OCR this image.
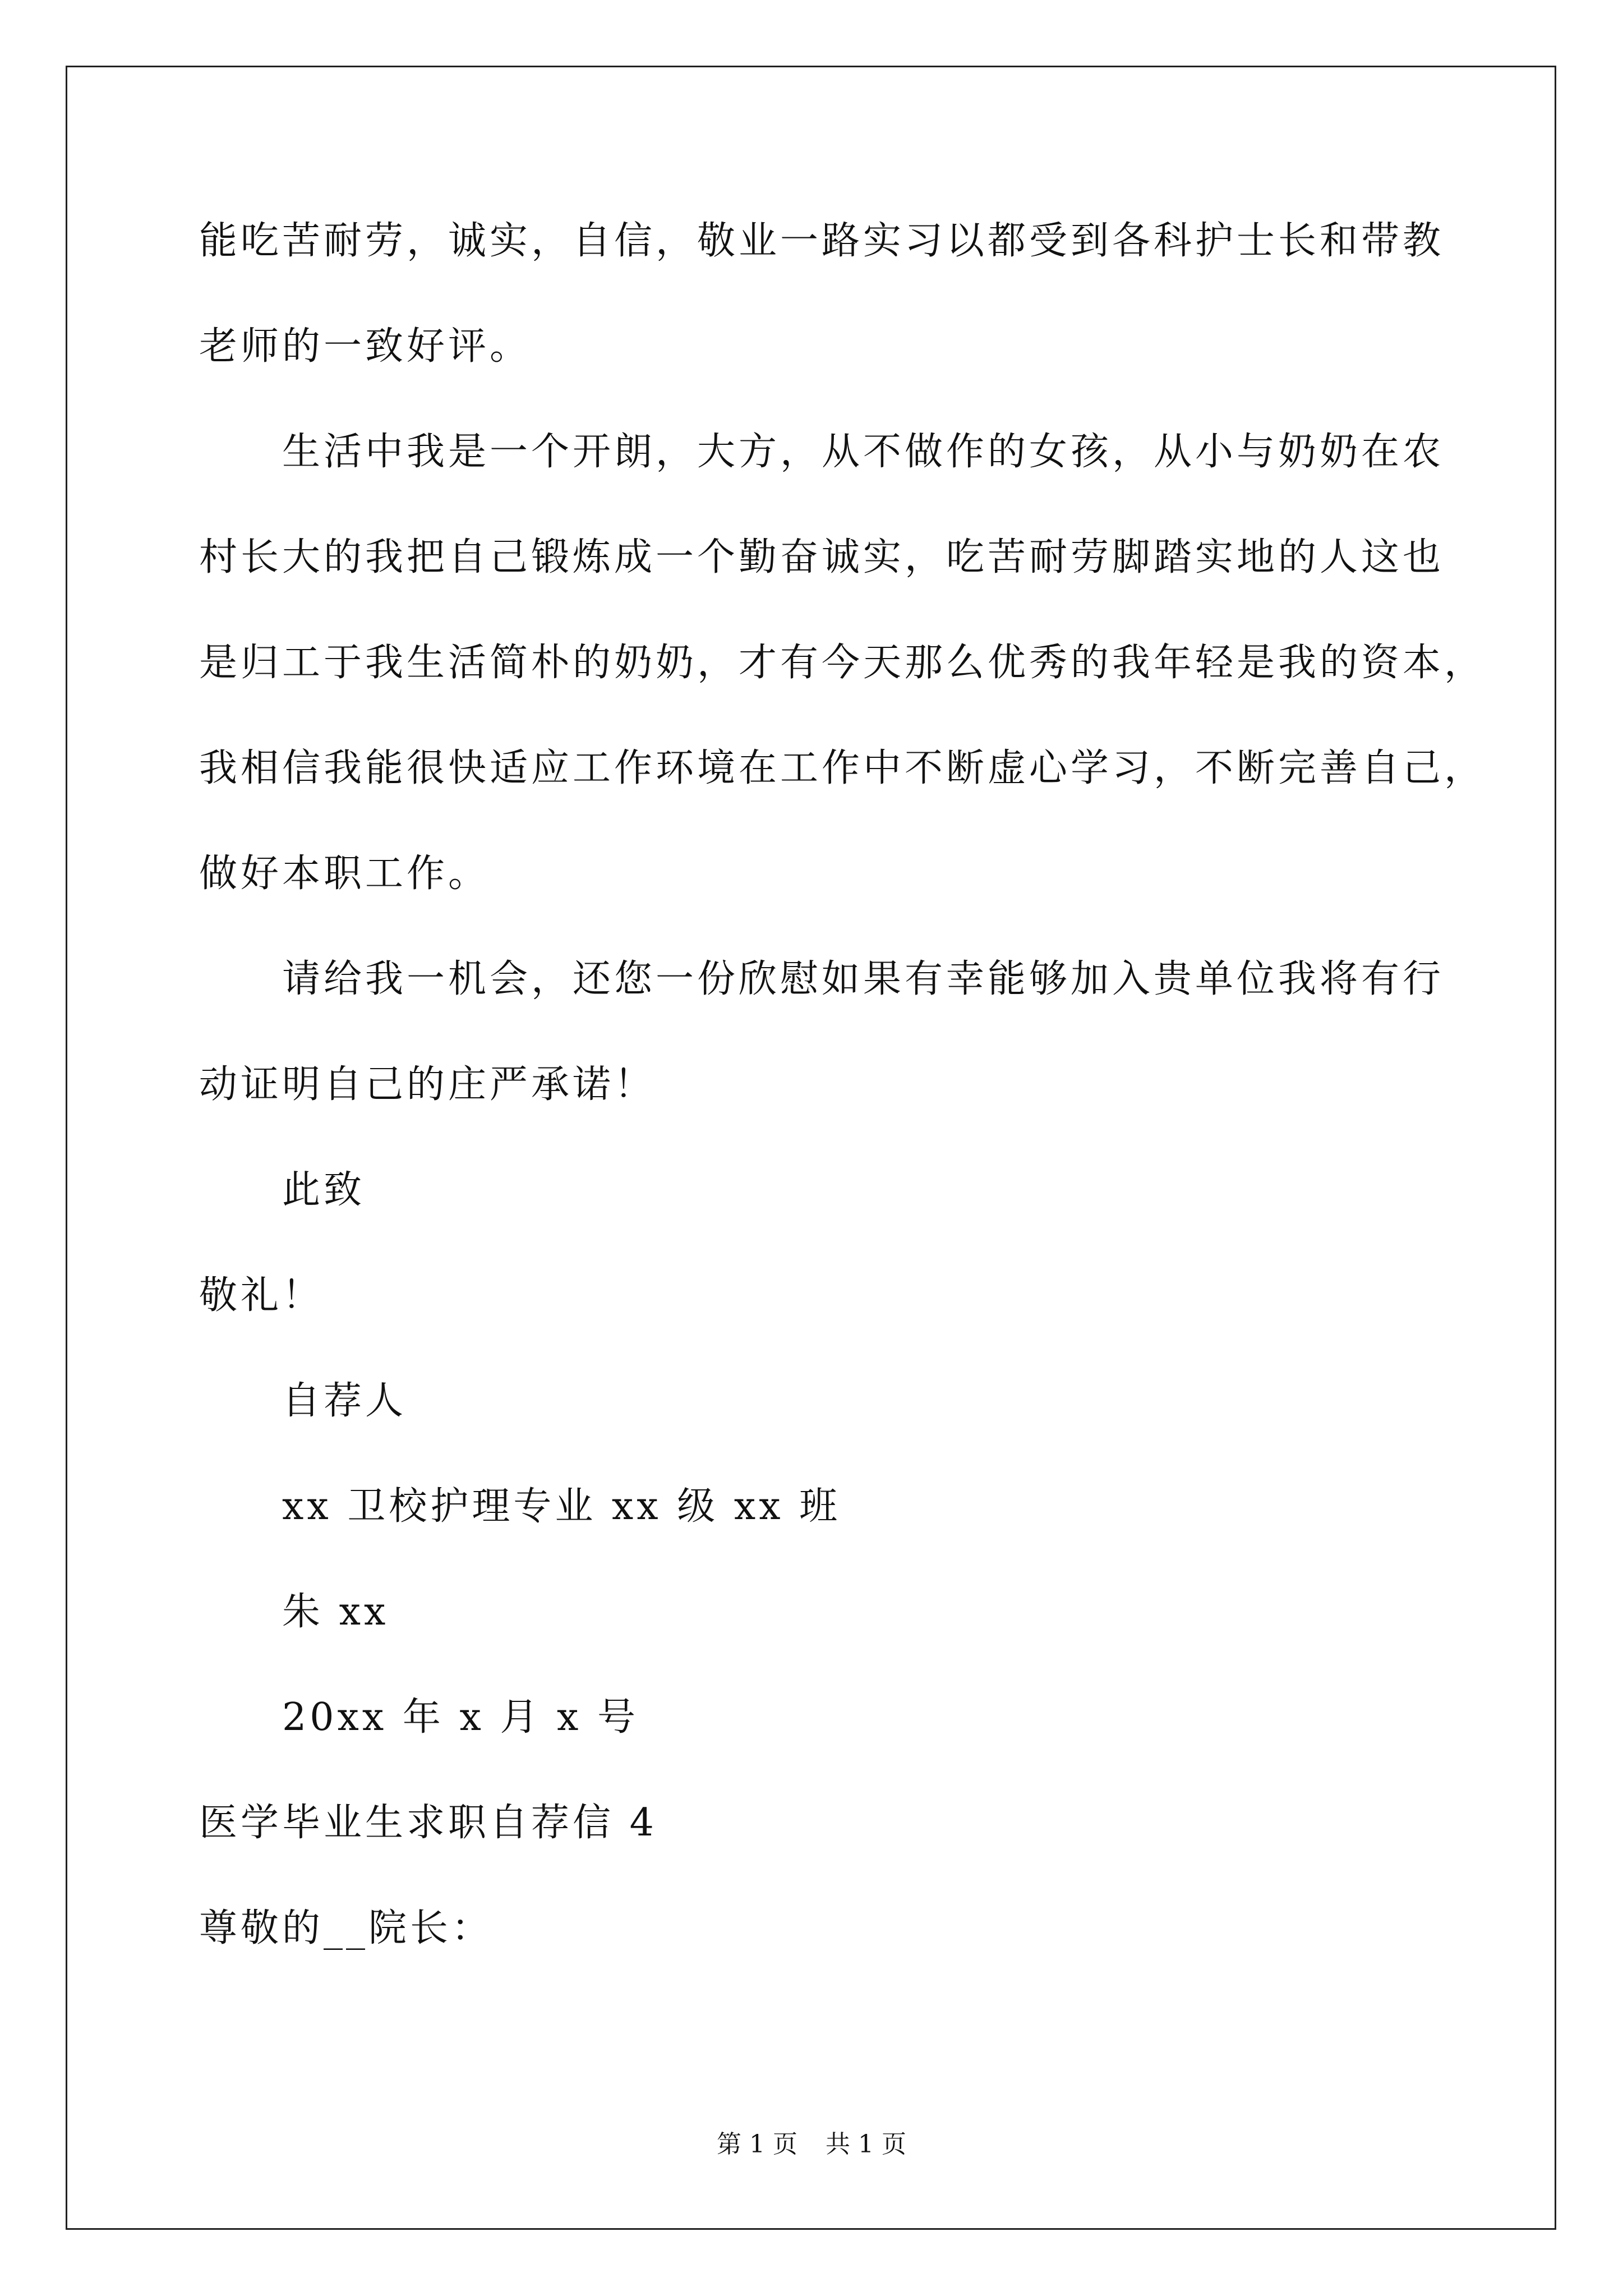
能吃苦耐劳，诚实，自信，敬业一路实习以都受到各科护士长和带教
老师的一致好评。
生活中我是一个开朗，大方，从不做作的女孩，从小与奶奶在农
村长大的我把自己锻炼成一个勤奋诚实，吃苦耐劳脚踏实地的人这也
是归工于我生活简朴的奶奶，才有今天那么优秀的我年轻是我的资本，
我相信我能很快适应工作环境在工作中不断虚心学习，不断完善自己，
做好本职工作。
请给我一机会，还您一份欣慰如果有幸能够加入贵单位我将有行
动证明自己的庄严承诺！
此致
敬礼！
自荐人
xx 卫校护理专业 xx 级 xx 班
朱 xx
20xx 年 x 月 x 号
医学毕业生求职自荐信 4
尊敬的__院长：
第 1 页 共 1 页
